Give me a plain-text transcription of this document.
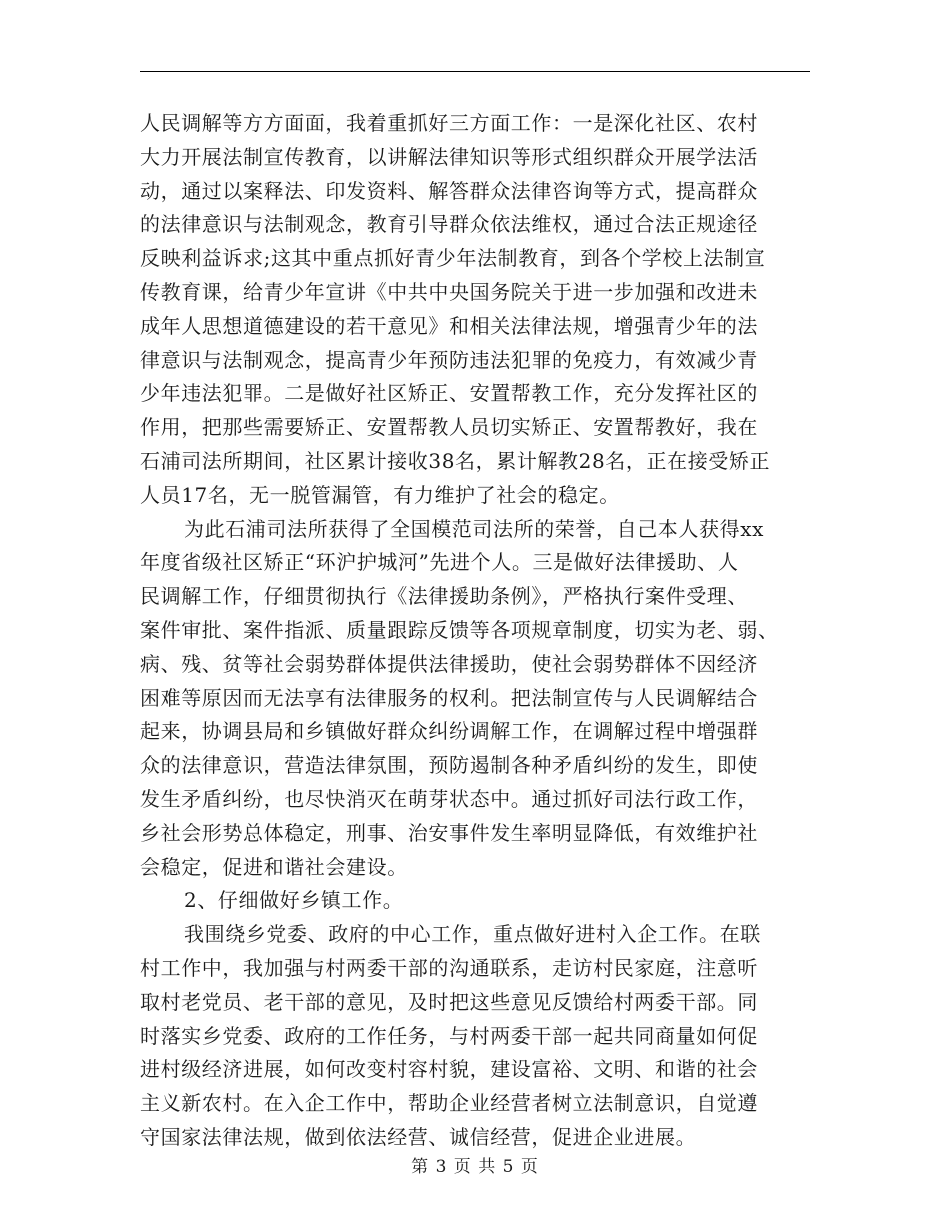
人民调解等方方面面，我着重抓好三方面工作：一是深化社区、农村
大力开展法制宣传教育，以讲解法律知识等形式组织群众开展学法活
动，通过以案释法、印发资料、解答群众法律咨询等方式，提高群众
的法律意识与法制观念，教育引导群众依法维权，通过合法正规途径
反映利益诉求;这其中重点抓好青少年法制教育，到各个学校上法制宣
传教育课，给青少年宣讲《中共中央国务院关于进一步加强和改进未
成年人思想道德建设的若干意见》和相关法律法规，增强青少年的法
律意识与法制观念，提高青少年预防违法犯罪的免疫力，有效减少青
少年违法犯罪。二是做好社区矫正、安置帮教工作，充分发挥社区的
作用，把那些需要矫正、安置帮教人员切实矫正、安置帮教好，我在
石浦司法所期间，社区累计接收38名，累计解教28名，正在接受矫正
人员17名，无一脱管漏管，有力维护了社会的稳定。
为此石浦司法所获得了全国模范司法所的荣誉，自己本人获得xx
年度省级社区矫正“环沪护城河”先进个人。三是做好法律援助、人
民调解工作，仔细贯彻执行《法律援助条例》，严格执行案件受理、
案件审批、案件指派、质量跟踪反馈等各项规章制度，切实为老、弱、
病、残、贫等社会弱势群体提供法律援助，使社会弱势群体不因经济
困难等原因而无法享有法律服务的权利。把法制宣传与人民调解结合
起来，协调县局和乡镇做好群众纠纷调解工作，在调解过程中增强群
众的法律意识，营造法律氛围，预防遏制各种矛盾纠纷的发生，即使
发生矛盾纠纷，也尽快消灭在萌芽状态中。通过抓好司法行政工作，
乡社会形势总体稳定，刑事、治安事件发生率明显降低，有效维护社
会稳定，促进和谐社会建设。
2、仔细做好乡镇工作。
我围绕乡党委、政府的中心工作，重点做好进村入企工作。在联
村工作中，我加强与村两委干部的沟通联系，走访村民家庭，注意听
取村老党员、老干部的意见，及时把这些意见反馈给村两委干部。同
时落实乡党委、政府的工作任务，与村两委干部一起共同商量如何促
进村级经济进展，如何改变村容村貌，建设富裕、文明、和谐的社会
主义新农村。在入企工作中，帮助企业经营者树立法制意识，自觉遵
守国家法律法规，做到依法经营、诚信经营，促进企业进展。
第 3 页 共 5 页
